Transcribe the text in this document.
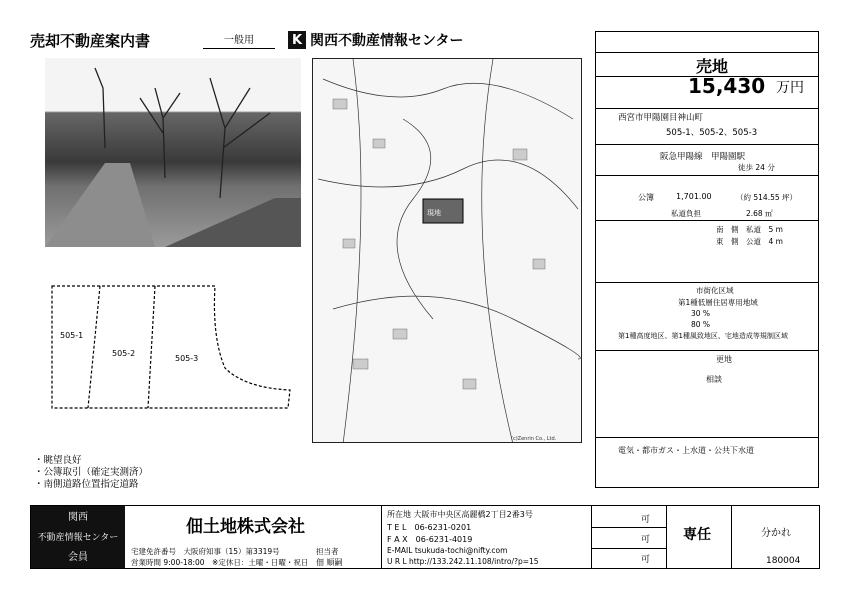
売却不動産案内書	一般用	K 関西不動産情報センター
505-1
505-2
505-3
現地
(c)Zenrin Co., Ltd.
・眺望良好
・公簿取引（確定実測済）
・南側道路位置指定道路
売地
15,430 万円
西宮市甲陽園目神山町
505-1、505-2、505-3
阪急甲陽線　甲陽園駅
徒歩 24 分
公簿	1,701.00	（約 514.55 坪）
私道負担	2.68 ㎡
南　側　私道　5 m
東　側　公道　4 m
市街化区域
第1種低層住居専用地域
30 %
80 %
第1種高度地区、第1種風致地区、宅地造成等規制区域
更地
相談
電気・都市ガス・上水道・公共下水道
関西
不動産情報センター
会員
佃土地株式会社
宅建免許番号　大阪府知事（15）第3319号
営業時間 9:00-18:00　※定休日：土曜・日曜・祝日
担当者
佃 順嗣
所在地 大阪市中央区高麗橋2丁目2番3号
T E L　06-6231-0201
F A X　06-6231-4019
E-MAIL tsukuda-tochi@nifty.com
U R L http://133.242.11.108/intro/?p=15
可
可
可
専任	分かれ
180004
